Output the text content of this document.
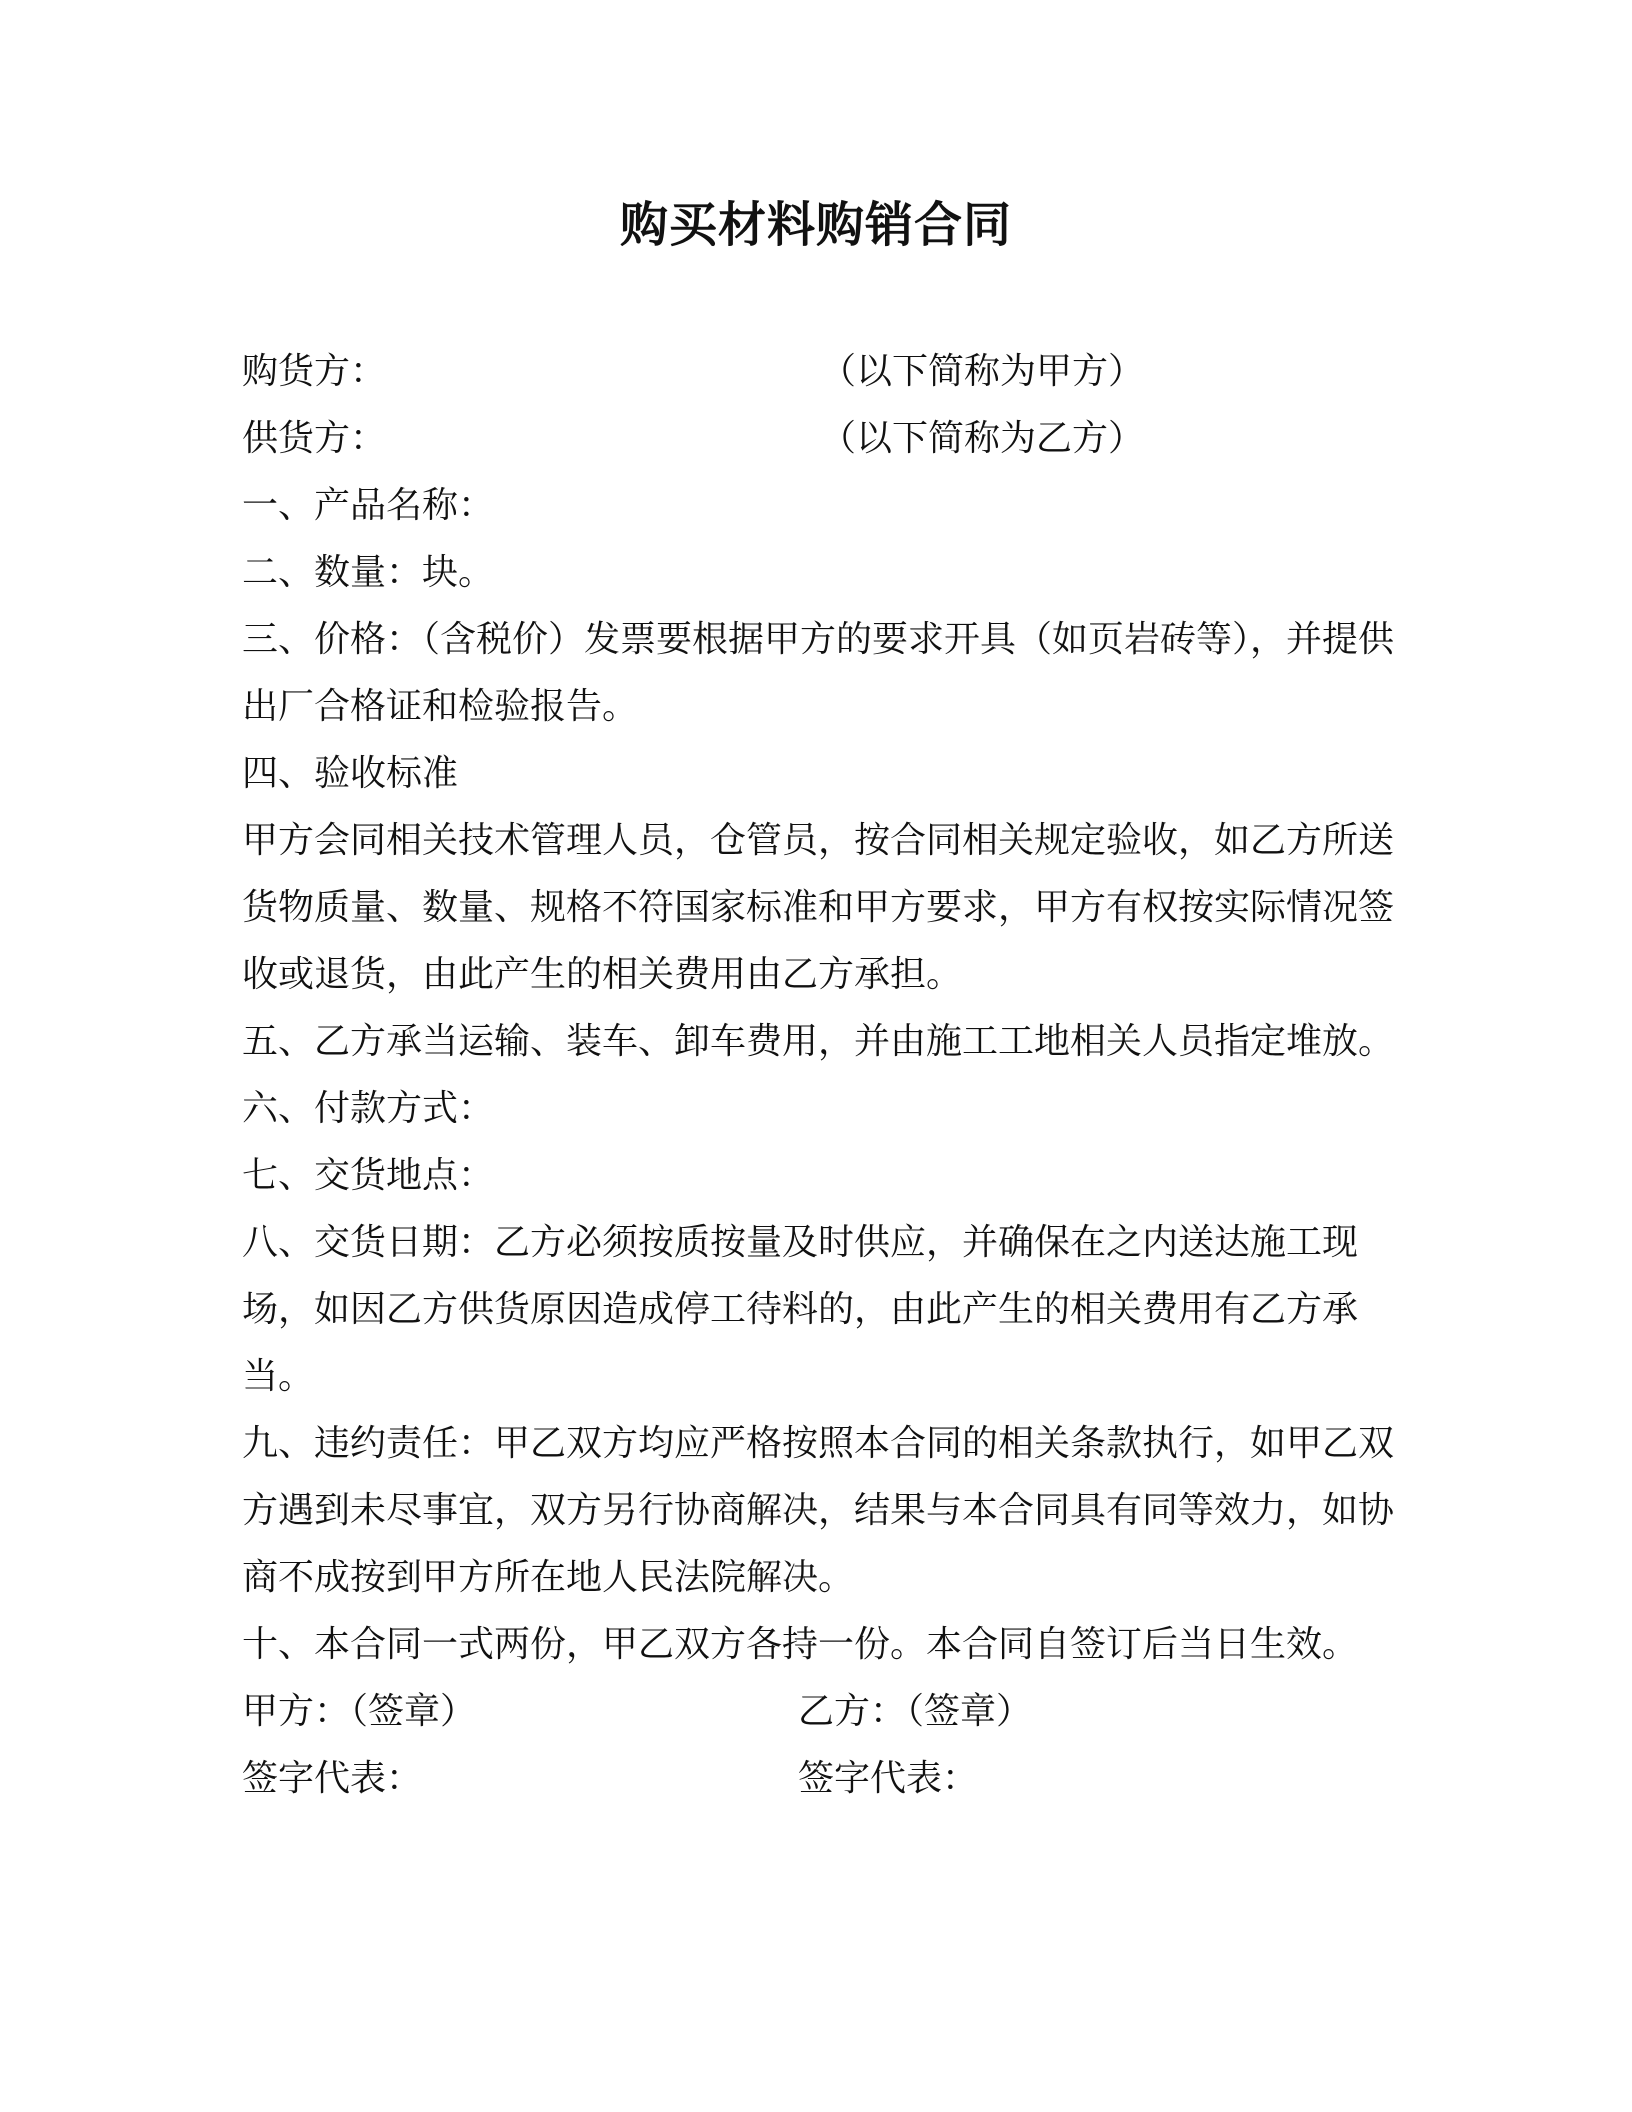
购买材料购销合同
购货方：	（以下简称为甲方）
供货方：	（以下简称为乙方）

一、产品名称：

二、数量：块。

三、价格：（含税价）发票要根据甲方的要求开具（如页岩砖等），并提供出厂合格证和检验报告。

四、验收标准

甲方会同相关技术管理人员，仓管员，按合同相关规定验收，如乙方所送货物质量、数量、规格不符国家标准和甲方要求，甲方有权按实际情况签收或退货，由此产生的相关费用由乙方承担。

五、乙方承当运输、装车、卸车费用，并由施工工地相关人员指定堆放。

六、付款方式：

七、交货地点：

八、交货日期：乙方必须按质按量及时供应，并确保在之内送达施工现场，如因乙方供货原因造成停工待料的，由此产生的相关费用有乙方承当。

九、违约责任：甲乙双方均应严格按照本合同的相关条款执行，如甲乙双方遇到未尽事宜，双方另行协商解决，结果与本合同具有同等效力，如协商不成按到甲方所在地人民法院解决。

十、本合同一式两份，甲乙双方各持一份。本合同自签订后当日生效。

甲方：（签章）	乙方：（签章）
签字代表：	签字代表：
